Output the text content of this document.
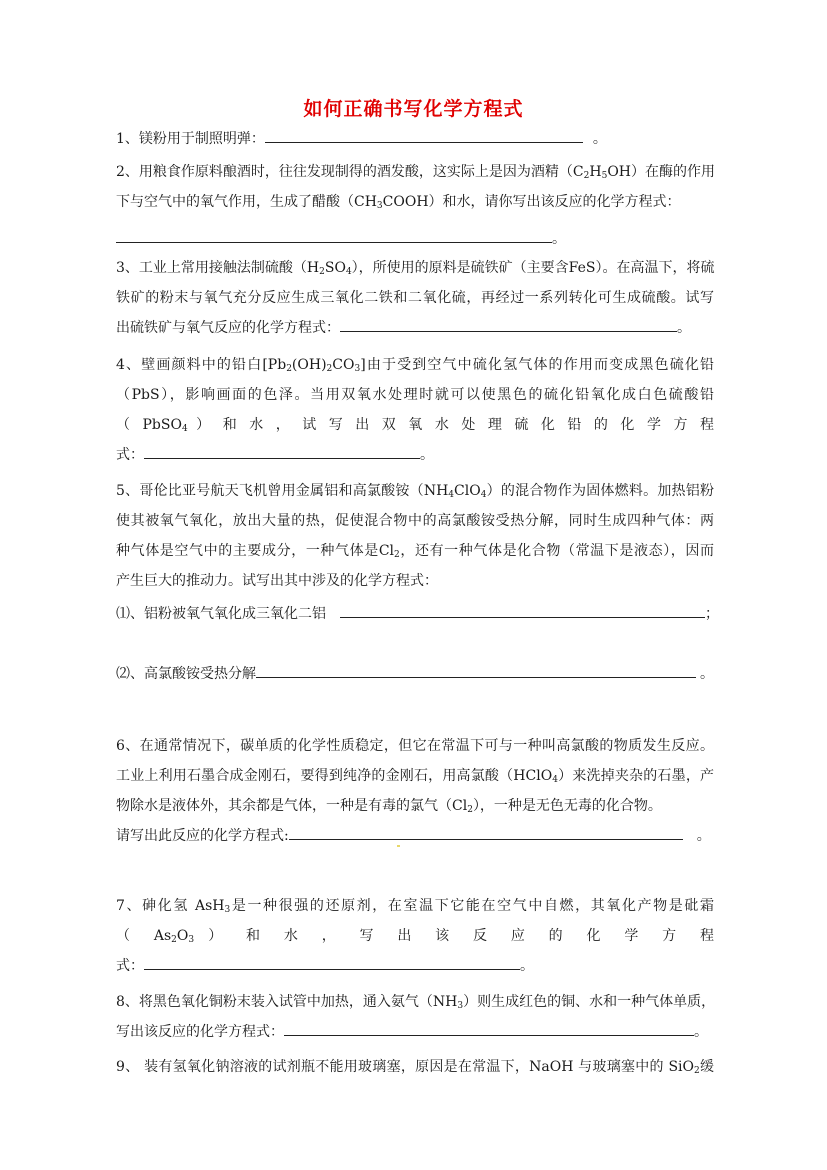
如何正确书写化学方程式
1、镁粉用于制照明弹：	。
2、用粮食作原料酿酒时，往往发现制得的酒发酸，这实际上是因为酒精$(C_2H_5OH)$在酶的作用
下与空气中的氧气作用，生成了醋酸$(CH_3COOH)$和水，请你写出该反应的化学方程式：
。
3、工业上常用接触法制硫酸$(H_2SO_4)$，所使用的原料是硫铁矿（主要含FeS）。在高温下，将硫
铁矿的粉末与氧气充分反应生成三氧化二铁和二氧化硫，再经过一系列转化可生成硫酸。试写
出硫铁矿与氧气反应的化学方程式：	。
4、壁画颜料中的铅白$[Pb_2(OH)_2CO_3]$由于受到空气中硫化氢气体的作用而变成黑色硫化铅
（PbS），影响画面的色泽。当用双氧水处理时就可以使黑色的硫化铅氧化成白色硫酸铅
（ PbSO$_4$ ） 和 水 ， 试 写 出 双 氧 水 处 理 硫 化 铅 的 化 学 方 程
式：	。
5、哥伦比亚号航天飞机曾用金属铝和高氯酸铵$(NH_4ClO_4)$的混合物作为固体燃料。加热铝粉
使其被氧气氧化，放出大量的热，促使混合物中的高氯酸铵受热分解，同时生成四种气体：两
种气体是空气中的主要成分，一种气体是$Cl_2$，还有一种气体是化合物（常温下是液态），因而
产生巨大的推动力。试写出其中涉及的化学方程式：
⑴、铝粉被氧气氧化成三氧化二铝	；
⑵、高氯酸铵受热分解	。
6、在通常情况下，碳单质的化学性质稳定，但它在常温下可与一种叫高氯酸的物质发生反应。
工业上利用石墨合成金刚石，要得到纯净的金刚石，用高氯酸（HClO$_4$）来洗掉夹杂的石墨，产
物除水是液体外，其余都是气体，一种是有毒的氯气$(Cl_2)$，一种是无色无毒的化合物。
请写出此反应的化学方程式:	。
7、砷化氢 AsH$_3$是一种很强的还原剂，在室温下它能在空气中自燃，其氧化产物是砒霜
（ $As_2O_3$ ） 和 水 ， 写 出 该 反 应 的 化 学 方 程
式：	。
8、将黑色氧化铜粉末装入试管中加热，通入氨气$(NH_3)$则生成红色的铜、水和一种气体单质，
写出该反应的化学方程式：	。
9、 装有氢氧化钠溶液的试剂瓶不能用玻璃塞，原因是在常温下，NaOH 与玻璃塞中的 SiO$_2$缓
